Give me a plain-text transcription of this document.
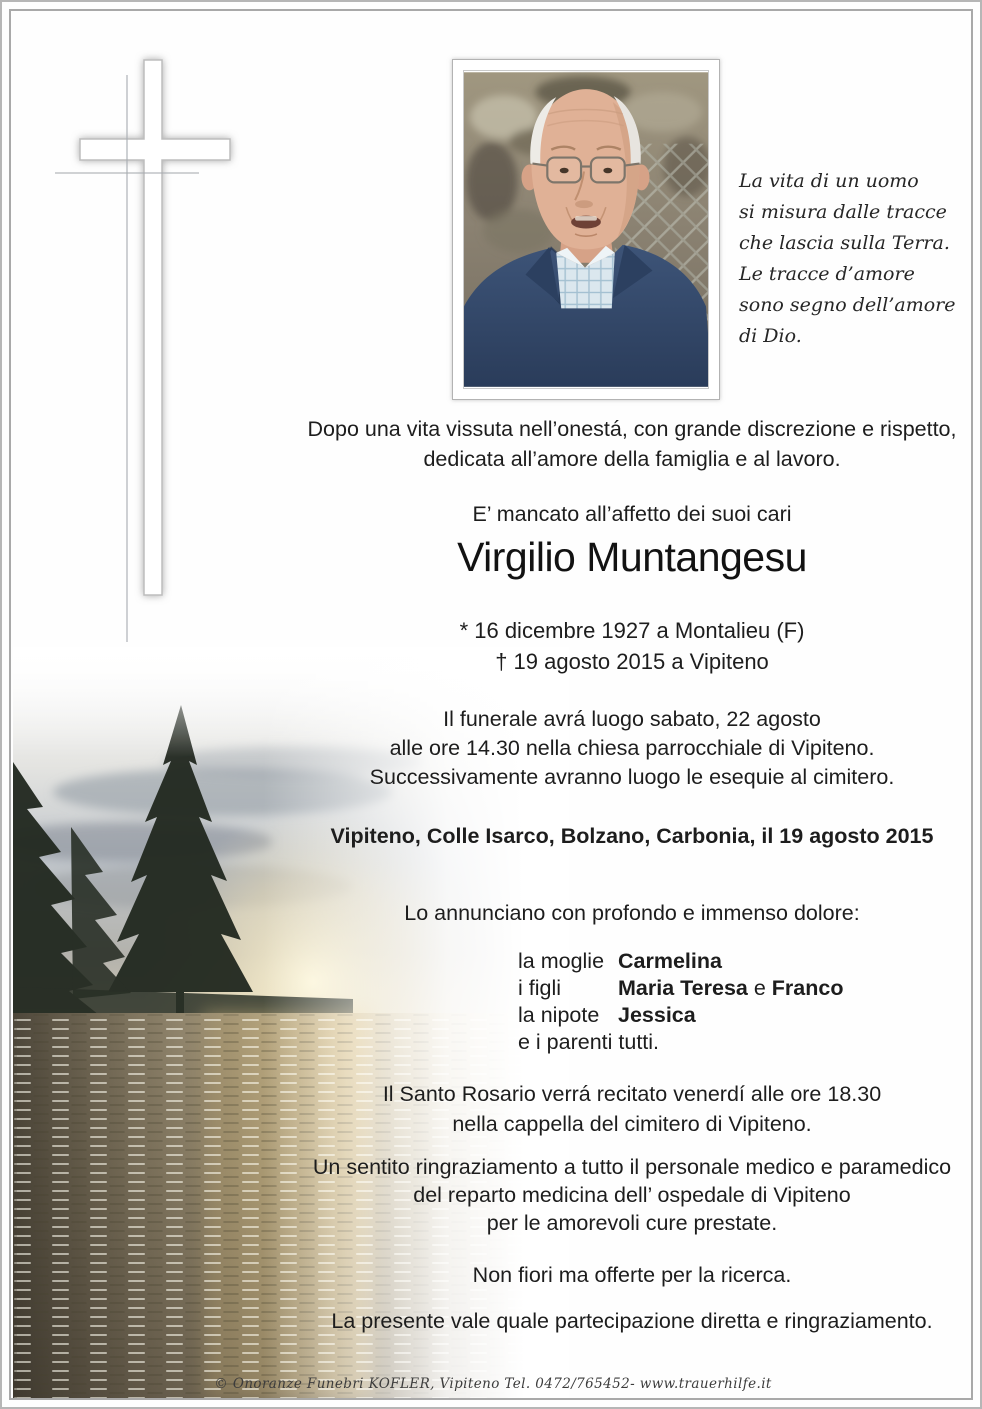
La vita di un uomo
si misura dalle tracce
che lascia sulla Terra.
Le tracce d’amore
sono segno dell’amore di Dio.
Dopo una vita vissuta nell’onestá, con grande discrezione e rispetto,
dedicata all’amore della famiglia e al lavoro.
E’ mancato all’affetto dei suoi cari
Virgilio Muntangesu
* 16 dicembre 1927 a Montalieu (F)
† 19 agosto 2015 a Vipiteno
Il funerale avrá luogo sabato, 22 agosto
alle ore 14.30 nella chiesa parrocchiale di Vipiteno.
Successivamente avranno luogo le esequie al cimitero.
Vipiteno, Colle Isarco, Bolzano, Carbonia, il 19 agosto 2015
Lo annunciano con profondo e immenso dolore:
la moglie Carmelina
i figli	Maria Teresa e Franco
la nipote Jessica
e i parenti tutti.
Il Santo Rosario verrá recitato venerdí alle ore 18.30
nella cappella del cimitero di Vipiteno.
Un sentito ringraziamento a tutto il personale medico e paramedico
del reparto medicina dell’ ospedale di Vipiteno
per le amorevoli cure prestate.
Non fiori ma offerte per la ricerca.
La presente vale quale partecipazione diretta e ringraziamento.
© Onoranze Funebri KOFLER, Vipiteno Tel. 0472/765452- www.trauerhilfe.it
